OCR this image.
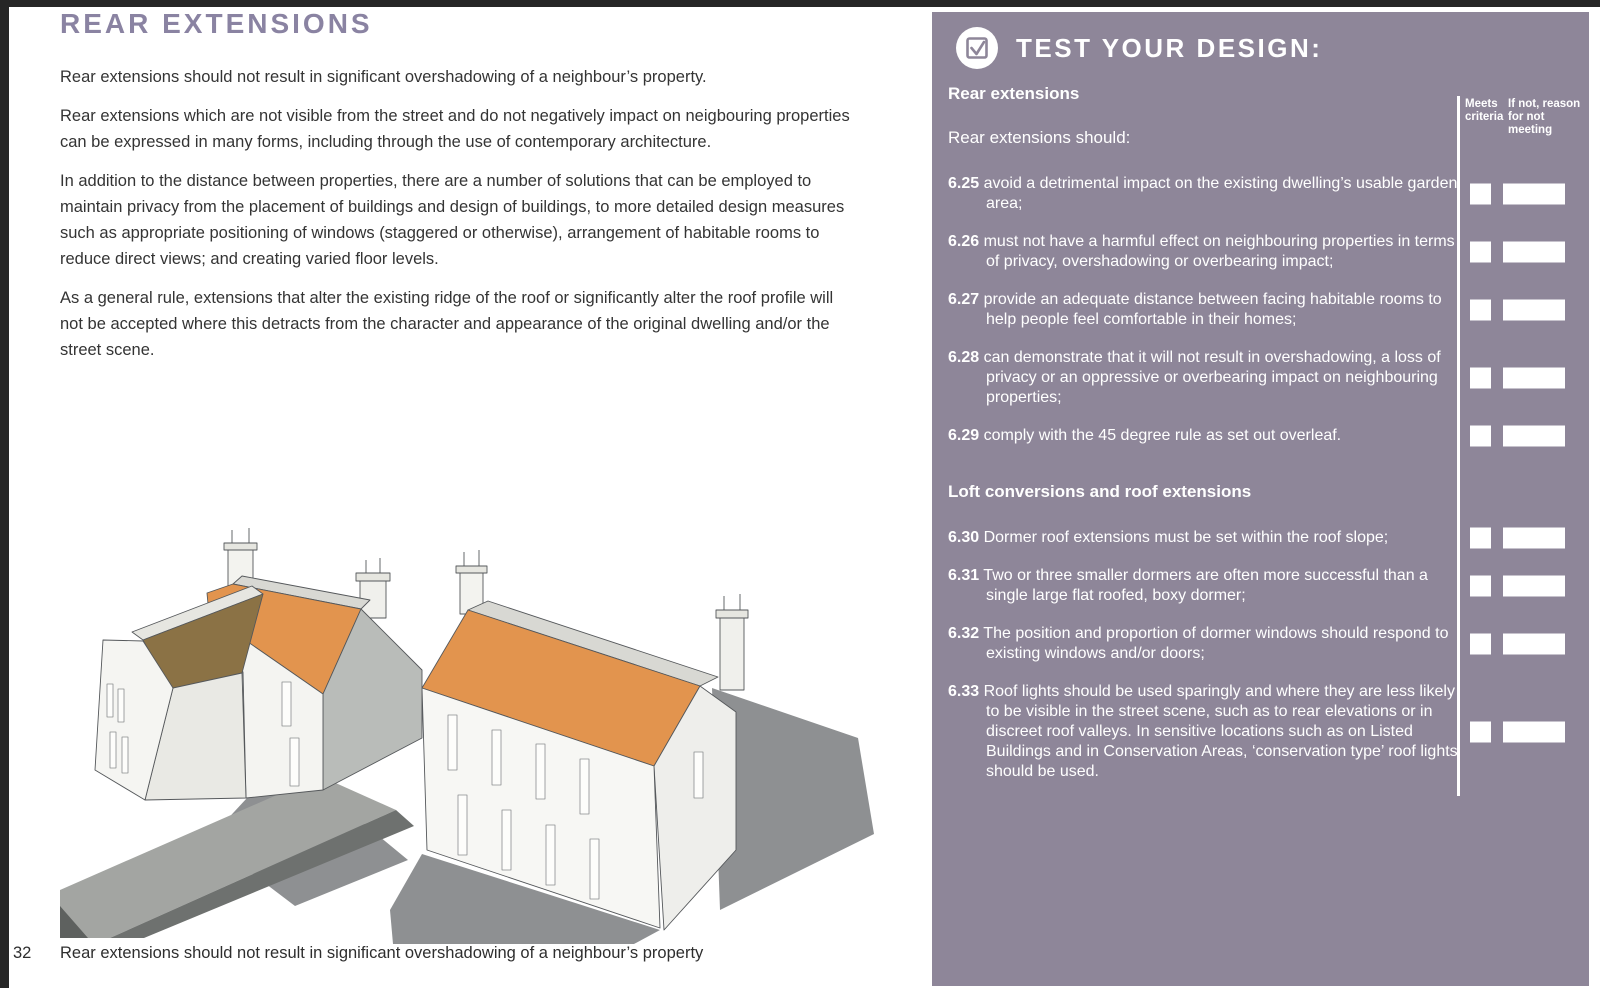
REAR EXTENSIONS

Rear extensions should not result in significant overshadowing of a neighbour’s property.

Rear extensions which are not visible from the street and do not negatively impact on neigbouring properties can be expressed in many forms, including through the use of contemporary architecture.

In addition to the distance between properties, there are a number of solutions that can be employed to maintain privacy from the placement of buildings and design of buildings, to more detailed design measures such as appropriate positioning of windows (staggered or otherwise), arrangement of habitable rooms to reduce direct views; and creating varied floor levels.

As a general rule, extensions that alter the existing ridge of the roof or significantly alter the roof profile will not be accepted where this detracts from the character and appearance of the original dwelling and/or the street scene.

32 Rear extensions should not result in significant overshadowing of a neighbour’s property
TEST YOUR DESIGN:
Meets criteria
If not, reason for not meeting
Rear extensions
Rear extensions should:
6.25 avoid a detrimental impact on the existing dwelling’s usable garden area;
6.26 must not have a harmful effect on neighbouring properties in terms of privacy, overshadowing or overbearing impact;
6.27 provide an adequate distance between facing habitable rooms to help people feel comfortable in their homes;
6.28 can demonstrate that it will not result in overshadowing, a loss of privacy or an oppressive or overbearing impact on neighbouring properties;
6.29 comply with the 45 degree rule as set out overleaf.
Loft conversions and roof extensions
6.30 Dormer roof extensions must be set within the roof slope;
6.31 Two or three smaller dormers are often more successful than a single large flat roofed, boxy dormer;
6.32 The position and proportion of dormer windows should respond to existing windows and/or doors;
6.33 Roof lights should be used sparingly and where they are less likely to be visible in the street scene, such as to rear elevations or in discreet roof valleys. In sensitive locations such as on Listed Buildings and in Conservation Areas, ‘conservation type’ roof lights should be used.
